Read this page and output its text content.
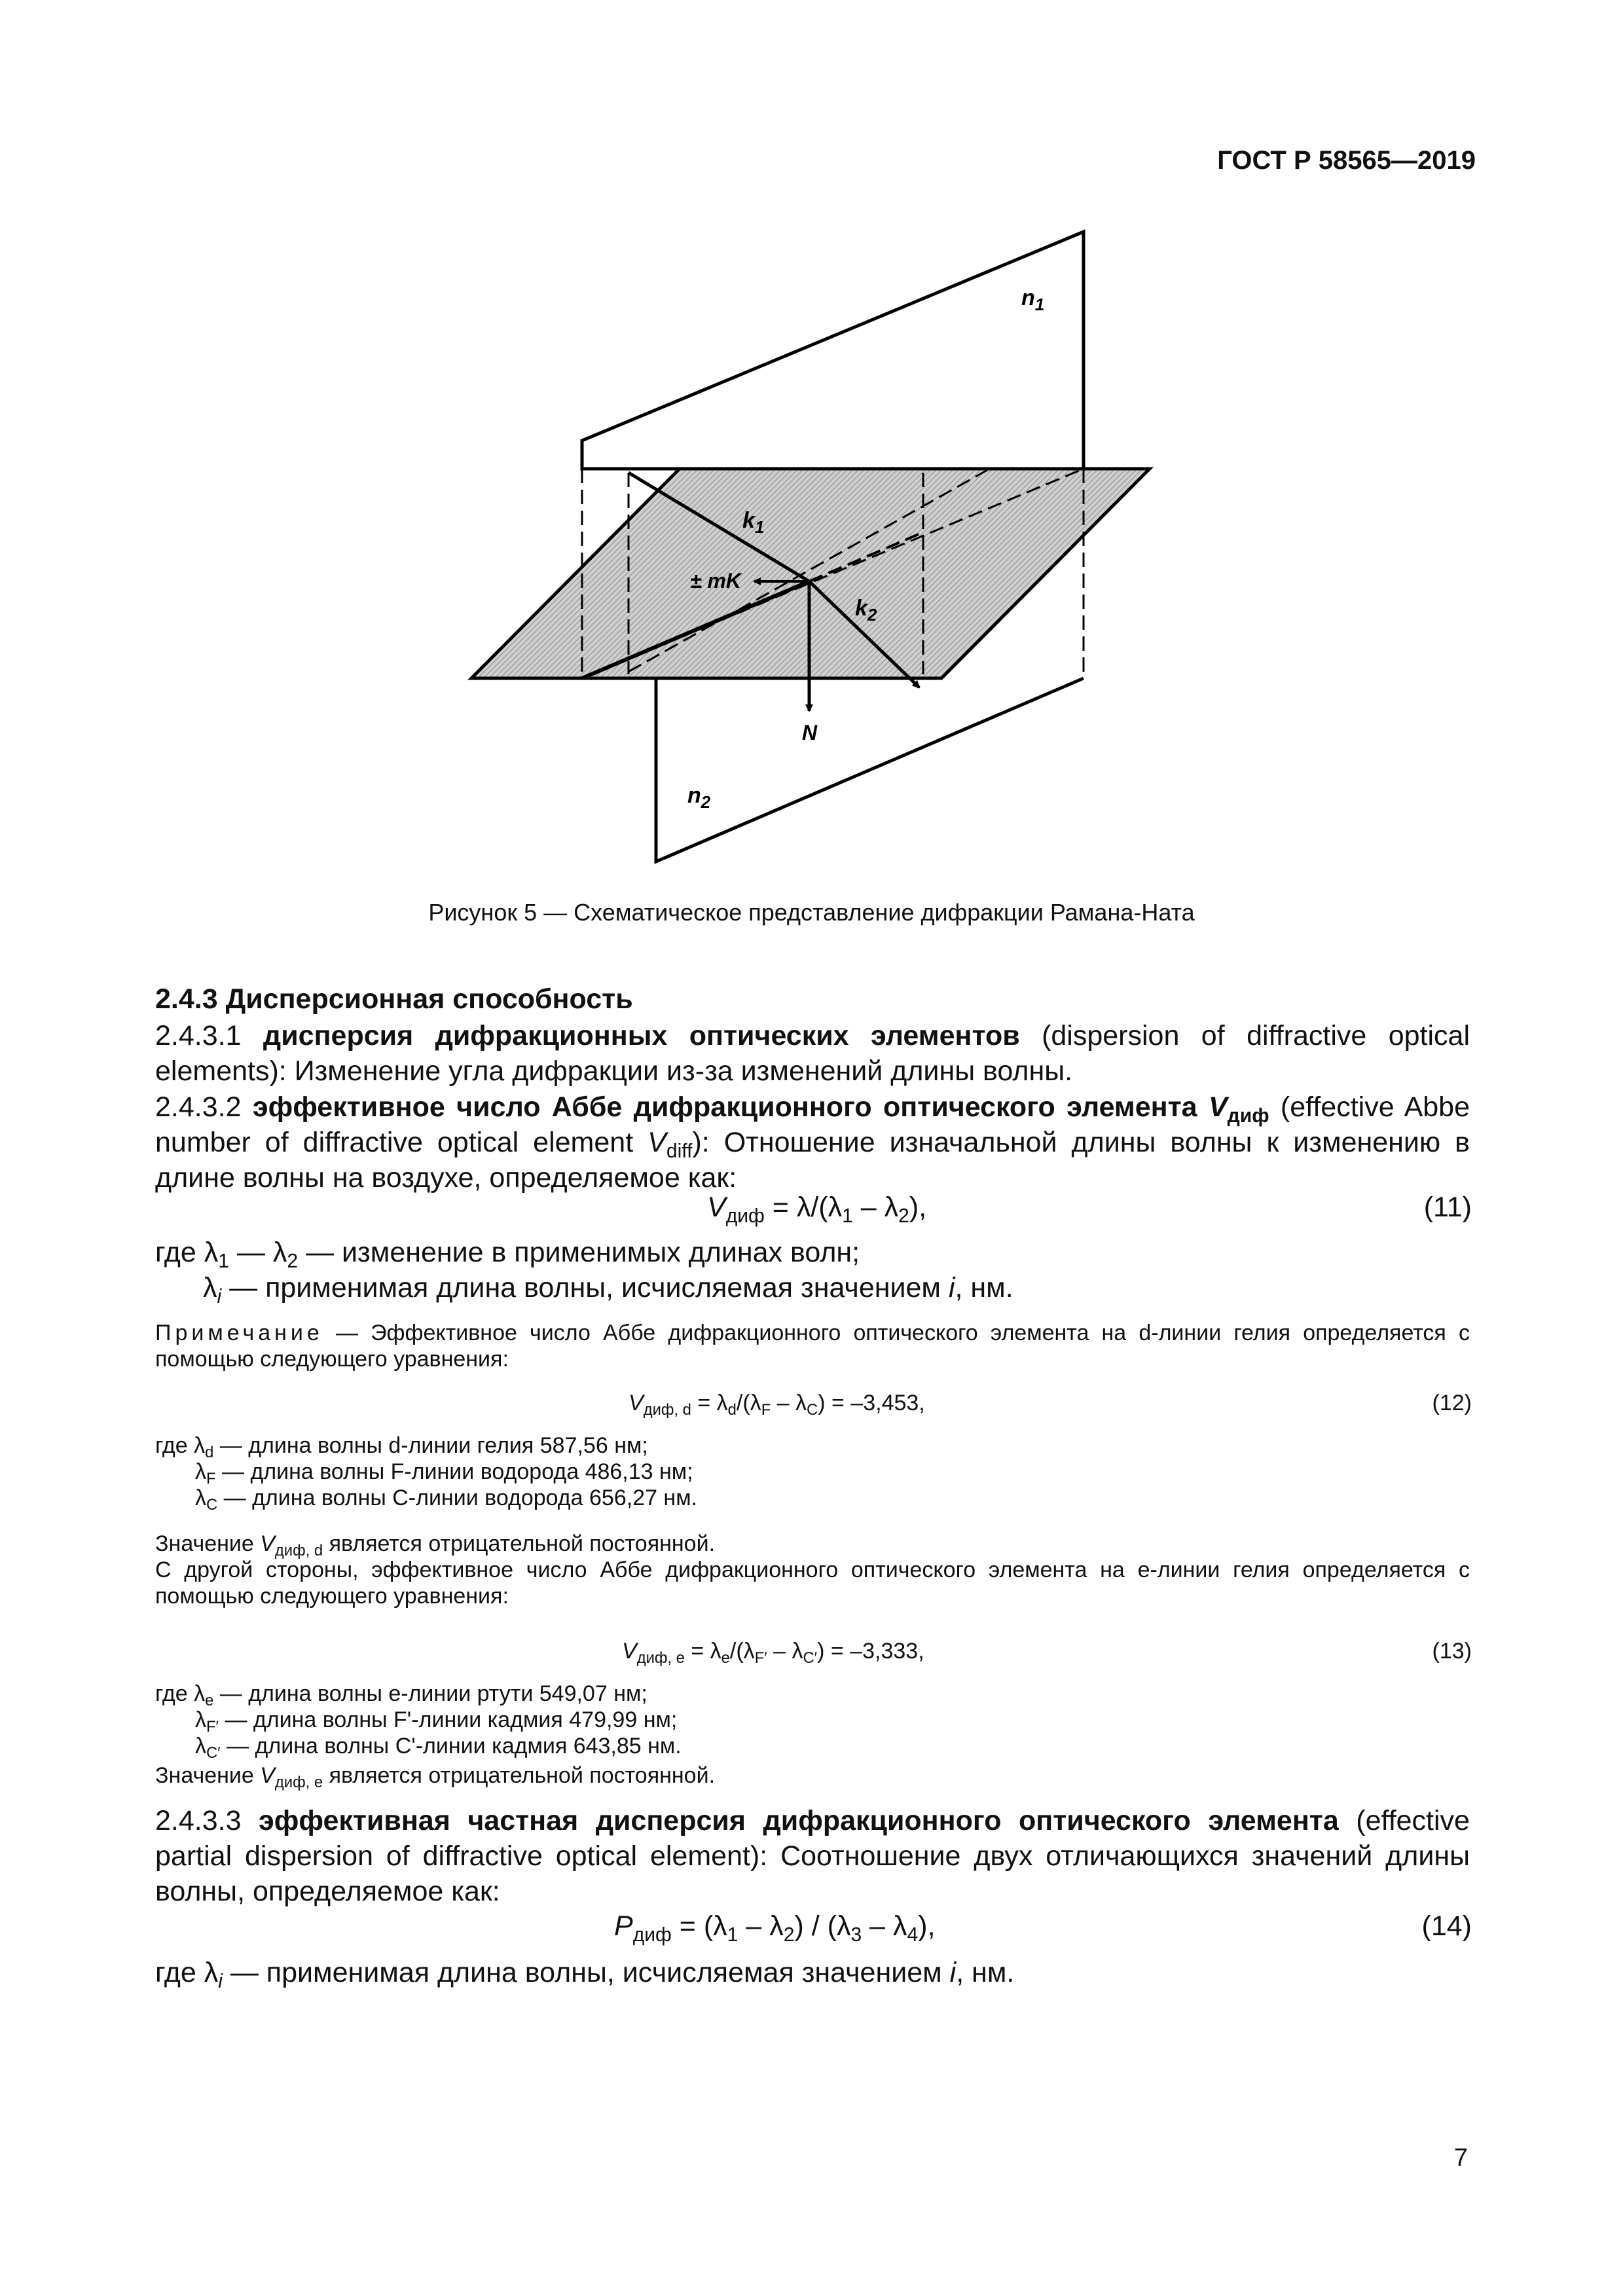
ГОСТ Р 58565—2019
$n_1$
$k_1$
± mK
$k_2$
N
$n_2$
Рисунок 5 — Схематическое представление дифракции Рамана-Ната
2.4.3 Дисперсионная способность
2.4.3.1 дисперсия дифракционных оптических элементов (dispersion of diffractive optical elements): Изменение угла дифракции из-за изменений длины волны.
2.4.3.2 эффективное число Аббе дифракционного оптического элемента $V_{диф}$ (effective Abbe number of diffractive optical element $V_{diff}$): Отношение изначальной длины волны к изменению в длине волны на воздухе, определяемое как:
$V_{диф} = \lambda/(\lambda_1 - \lambda_2)$,	(11)
где $\lambda_1$ — $\lambda_2$ — изменение в применимых длинах волн;
$\lambda_i$ — применимая длина волны, исчисляемая значением i, нм.
Примечание — Эффективное число Аббе дифракционного оптического элемента на d-линии гелия определяется с помощью следующего уравнения:
$V_{диф, d} = \lambda_d/(\lambda_F - \lambda_C) = -3,453$,	(12)
где $\lambda_d$ — длина волны d-линии гелия 587,56 нм;
$\lambda_F$ — длина волны F-линии водорода 486,13 нм;
$\lambda_C$ — длина волны С-линии водорода 656,27 нм.
Значение $V_{диф, d}$ является отрицательной постоянной.
С другой стороны, эффективное число Аббе дифракционного оптического элемента на е-линии гелия определяется с помощью следующего уравнения:
$V_{диф, e} = \lambda_e/(\lambda_{F'} - \lambda_{C'}) = -3,333$,	(13)
где $\lambda_e$ — длина волны е-линии ртути 549,07 нм;
$\lambda_{F'}$ — длина волны F'-линии кадмия 479,99 нм;
$\lambda_{C'}$ — длина волны С'-линии кадмия 643,85 нм.
Значение $V_{диф, e}$ является отрицательной постоянной.
2.4.3.3 эффективная частная дисперсия дифракционного оптического элемента (effective partial dispersion of diffractive optical element): Соотношение двух отличающихся значений длины волны, определяемое как:
$P_{диф} = (\lambda_1 - \lambda_2) / (\lambda_3 - \lambda_4)$,	(14)
где $\lambda_i$ — применимая длина волны, исчисляемая значением i, нм.
7
